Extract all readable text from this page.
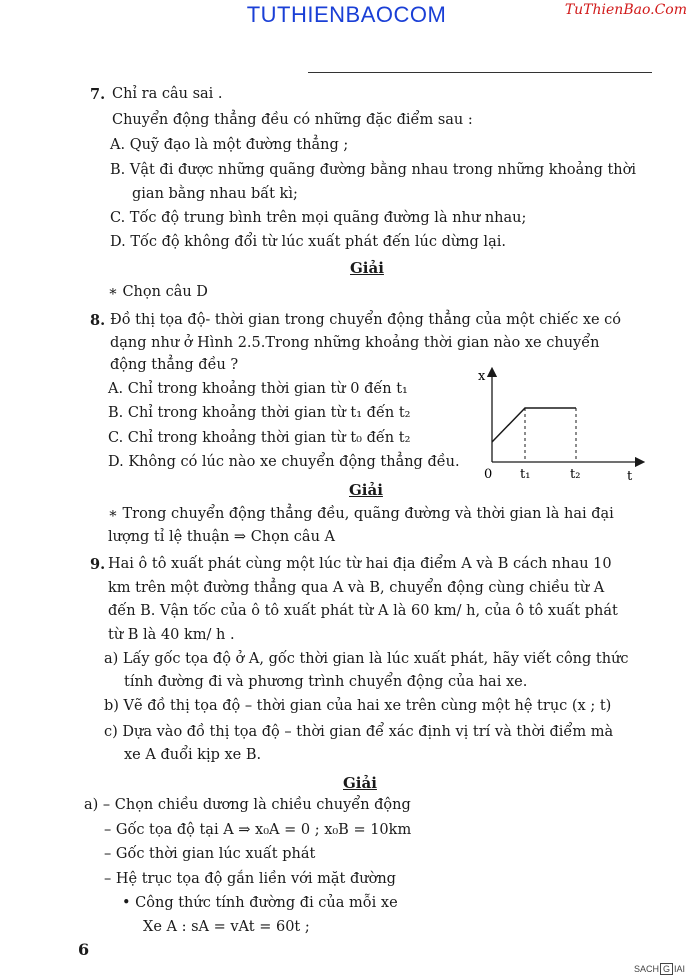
TUTHIENBAOCOM	TuThienBao.Com
7. Chỉ ra câu sai .
Chuyển động thẳng đều có những đặc điểm sau :
A. Quỹ đạo là một đường thẳng ;
B. Vật đi được những quãng đường bằng nhau trong những khoảng thời
gian bằng nhau bất kì;
C. Tốc độ trung bình trên mọi quãng đường là như nhau;
D. Tốc độ không đổi từ lúc xuất phát đến lúc dừng lại.
Giải
∗ Chọn câu D
8. Đồ thị tọa độ- thời gian trong chuyển động thẳng của một chiếc xe có
dạng như ở Hình 2.5.Trong những khoảng thời gian nào xe chuyển
động thẳng đều ?
A. Chỉ trong khoảng thời gian từ 0 đến t₁
B. Chỉ trong khoảng thời gian từ t₁ đến t₂
C. Chỉ trong khoảng thời gian từ t₀ đến t₂
D. Không có lúc nào xe chuyển động thẳng đều.
x
0 t₁	t₂	t
Giải
∗ Trong chuyển động thẳng đều, quãng đường và thời gian là hai đại
lượng tỉ lệ thuận ⇒ Chọn câu A
9. Hai ô tô xuất phát cùng một lúc từ hai địa điểm A và B cách nhau 10
km trên một đường thẳng qua A và B, chuyển động cùng chiều từ A
đến B. Vận tốc của ô tô xuất phát từ A là 60 km/ h, của ô tô xuất phát
từ B là 40 km/ h .
a) Lấy gốc tọa độ ở A, gốc thời gian là lúc xuất phát, hãy viết công thức
tính đường đi và phương trình chuyển động của hai xe.
b) Vẽ đồ thị tọa độ – thời gian của hai xe trên cùng một hệ trục (x ; t)
c) Dựa vào đồ thị tọa độ – thời gian để xác định vị trí và thời điểm mà
xe A đuổi kịp xe B.
Giải
a) – Chọn chiều dương là chiều chuyển động
– Gốc tọa độ tại A ⇒ x₀A = 0 ; x₀B = 10km
– Gốc thời gian lúc xuất phát
– Hệ trục tọa độ gắn liền với mặt đường
• Công thức tính đường đi của mỗi xe
Xe A : sA = vAt = 60t ;
6
SACH G IAI
